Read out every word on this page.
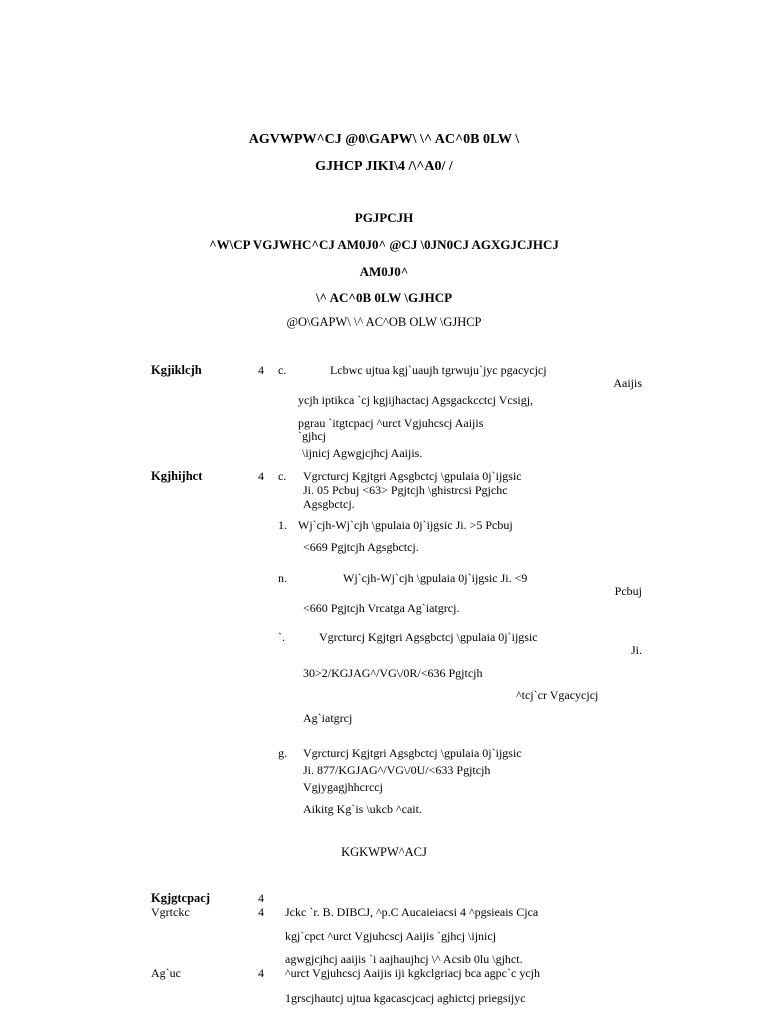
AGVWPW^CJ @0\GAPW\ \^ AC^0B 0LW \
GJHCP JIKI\4 /\^A0/ /
PGJPCJH
^W\CP VGJWHC^CJ AM0J0^ @CJ \0JN0CJ AGXGJCJHCJ
AM0J0^
\^ AC^0B 0LW \GJHCP
@O\GAPW\ \^ AC^OB OLW \GJHCP
Kgjiklcjh	4 c.	Lcbwc ujtua kgj`uaujh tgrwuju`jyc pgacycjcj
Aaijis
ycjh iptikca `cj kgjijhactacj Agsgackcctcj Vcsigj,
pgrau `itgtcpacj ^urct Vgjuhcscj Aaijis
`gjhcj
\ijnicj Agwgjcjhcj Aaijis.
Kgjhijhct	4 c. Vgrcturcj Kgjtgri Agsgbctcj \gpulaia 0j`ijgsic
Ji. 05 Pcbuj <63> Pgjtcjh \ghistrcsi Pgjchc
Agsgbctcj.
1. Wj`cjh-Wj`cjh \gpulaia 0j`ijgsic Ji. >5 Pcbuj
<669 Pgjtcjh Agsgbctcj.
n.	Wj`cjh-Wj`cjh \gpulaia 0j`ijgsic Ji. <9
Pcbuj
<660 Pgjtcjh Vrcatga Ag`iatgrcj.
`.	Vgrcturcj Kgjtgri Agsgbctcj \gpulaia 0j`ijgsic
Ji.
30>2/KGJAG^/VG\/0R/<636 Pgjtcjh
^tcj`cr Vgacycjcj
Ag`iatgrcj
g. Vgrcturcj Kgjtgri Agsgbctcj \gpulaia 0j`ijgsic
Ji. 877/KGJAG^/VG\/0U/<633 Pgjtcjh
Vgjygagjhhcrccj
Aikitg Kg`is \ukcb ^cait.
KGKWPW^ACJ
Kgjgtcpacj	4
Vgrtckc	4 Jckc `r. B. DIBCJ, ^p.C Aucaieiacsi 4 ^pgsieais Cjca
kgj`cpct ^urct Vgjuhcscj Aaijis `gjhcj \ijnicj
agwgjcjhcj aaijis `i aajhaujhcj \^ Acsib 0lu \gjhct.
Ag`uc	4 ^urct Vgjuhcscj Aaijis iji kgkclgriacj bca agpc`c ycjh
1grscjhautcj ujtua kgacascjcacj aghictcj priegsijyc
